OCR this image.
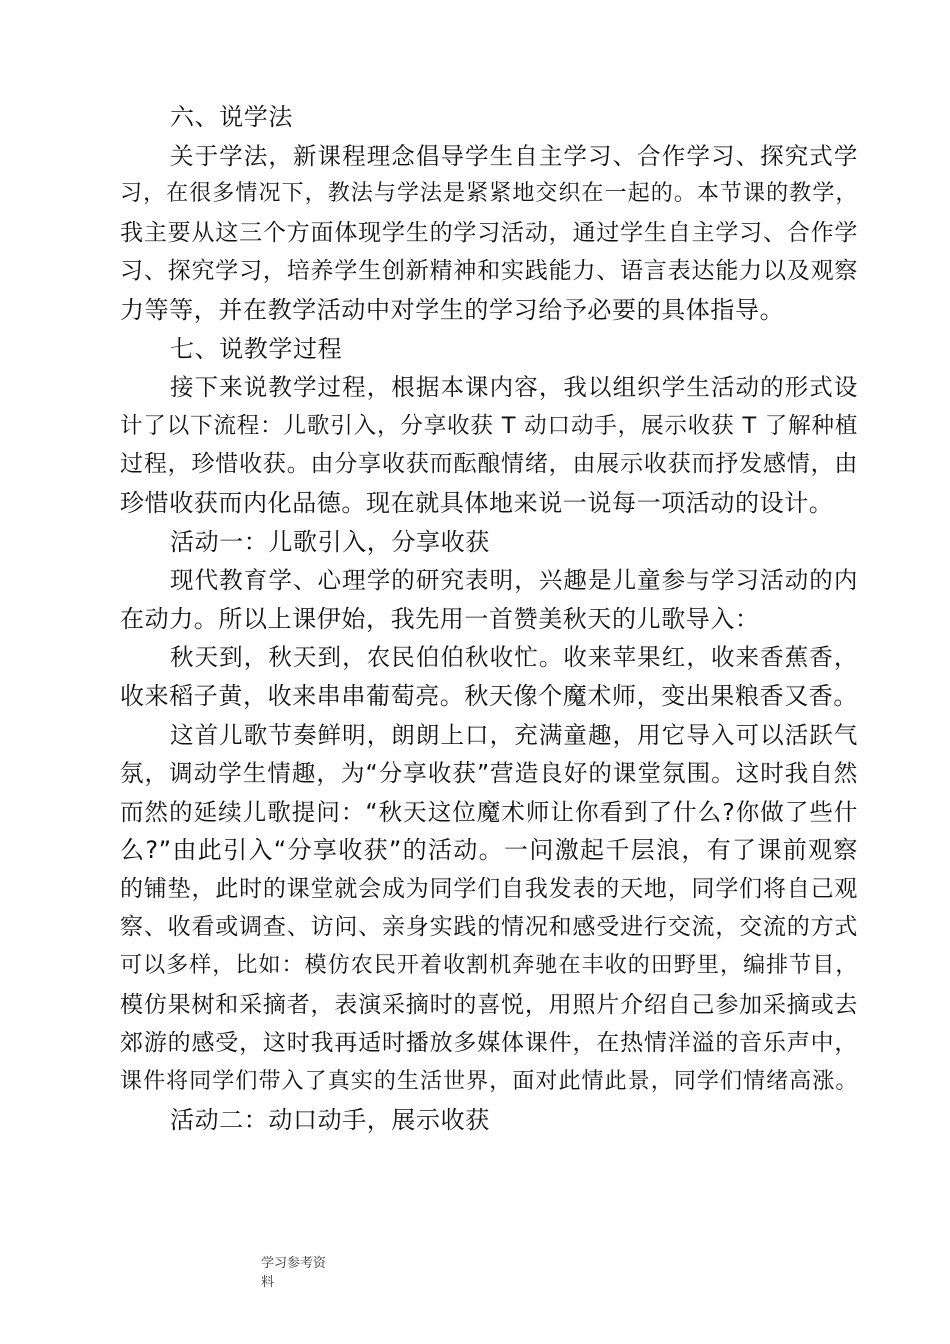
六、说学法
关于学法，新课程理念倡导学生自主学习、合作学习、探究式学
习，在很多情况下，教法与学法是紧紧地交织在一起的。本节课的教学，
我主要从这三个方面体现学生的学习活动，通过学生自主学习、合作学
习、探究学习，培养学生创新精神和实践能力、语言表达能力以及观察
力等等，并在教学活动中对学生的学习给予必要的具体指导。
七、说教学过程
接下来说教学过程，根据本课内容，我以组织学生活动的形式设
计了以下流程：儿歌引入，分享收获 T 动口动手，展示收获 T 了解种植
过程，珍惜收获。由分享收获而酝酿情绪，由展示收获而抒发感情，由
珍惜收获而内化品德。现在就具体地来说一说每一项活动的设计。
活动一：儿歌引入，分享收获
现代教育学、心理学的研究表明，兴趣是儿童参与学习活动的内
在动力。所以上课伊始，我先用一首赞美秋天的儿歌导入：
秋天到，秋天到，农民伯伯秋收忙。收来苹果红，收来香蕉香，
收来稻子黄，收来串串葡萄亮。秋天像个魔术师，变出果粮香又香。
这首儿歌节奏鲜明，朗朗上口，充满童趣，用它导入可以活跃气
氛，调动学生情趣，为“分享收获”营造良好的课堂氛围。这时我自然
而然的延续儿歌提问：“秋天这位魔术师让你看到了什么?你做了些什
么?”由此引入“分享收获”的活动。一问激起千层浪，有了课前观察
的铺垫，此时的课堂就会成为同学们自我发表的天地，同学们将自己观
察、收看或调查、访问、亲身实践的情况和感受进行交流，交流的方式
可以多样，比如：模仿农民开着收割机奔驰在丰收的田野里，编排节目，
模仿果树和采摘者，表演采摘时的喜悦，用照片介绍自己参加采摘或去
郊游的感受，这时我再适时播放多媒体课件，在热情洋溢的音乐声中，
课件将同学们带入了真实的生活世界，面对此情此景，同学们情绪高涨。
活动二：动口动手，展示收获
学习参考资
料
